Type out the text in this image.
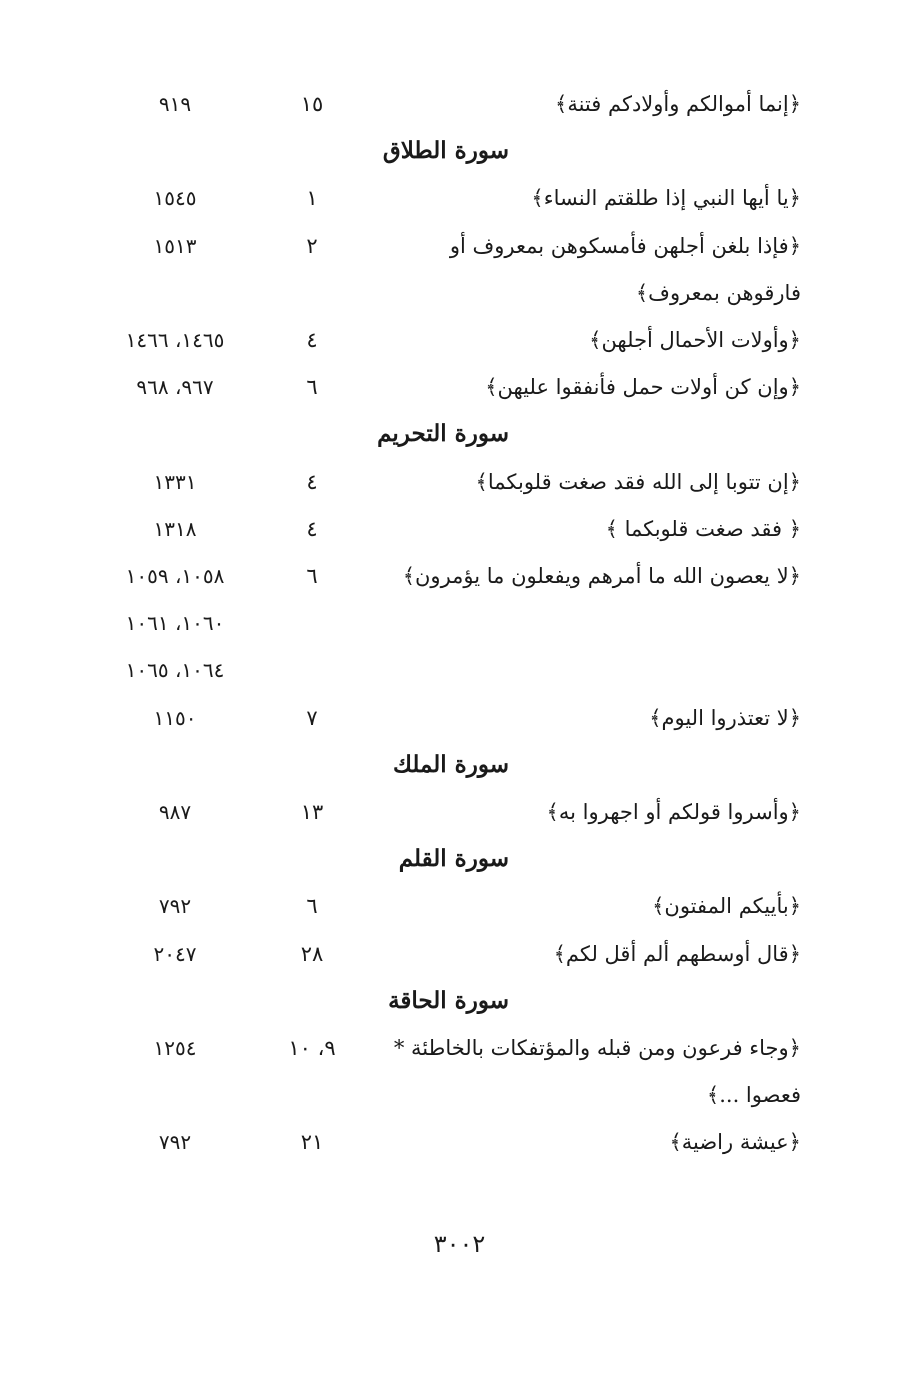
﴿إنما أموالكم وأولادكم فتنة﴾
١٥
٩١٩
سورة الطلاق
﴿يا أيها النبي إذا طلقتم النساء﴾
١
١٥٤٥
﴿فإذا بلغن أجلهن فأمسكوهن بمعروف أو
٢
١٥١٣
فارقوهن بمعروف﴾
﴿وأولات الأحمال أجلهن﴾
٤
١٤٦٥، ١٤٦٦
﴿وإن كن أولات حمل فأنفقوا عليهن﴾
٦
٩٦٧، ٩٦٨
سورة التحريم
﴿إن تتوبا إلى الله فقد صغت قلوبكما﴾
٤
١٣٣١
﴿ فقد صغت قلوبكما ﴾
٤
١٣١٨
﴿لا يعصون الله ما أمرهم ويفعلون ما يؤمرون﴾
٦
١٠٥٨، ١٠٥٩
١٠٦٠، ١٠٦١
١٠٦٤، ١٠٦٥
﴿لا تعتذروا اليوم﴾
٧
١١٥٠
سورة الملك
﴿وأسروا قولكم أو اجهروا به﴾
١٣
٩٨٧
سورة القلم
﴿بأييكم المفتون﴾
٦
٧٩٢
﴿قال أوسطهم ألم أقل لكم﴾
٢٨
٢٠٤٧
سورة الحاقة
﴿وجاء فرعون ومن قبله والمؤتفكات بالخاطئة *
٩، ١٠
١٢٥٤
فعصوا ...﴾
﴿عيشة راضية﴾
٢١
٧٩٢
٣٠٠٢
